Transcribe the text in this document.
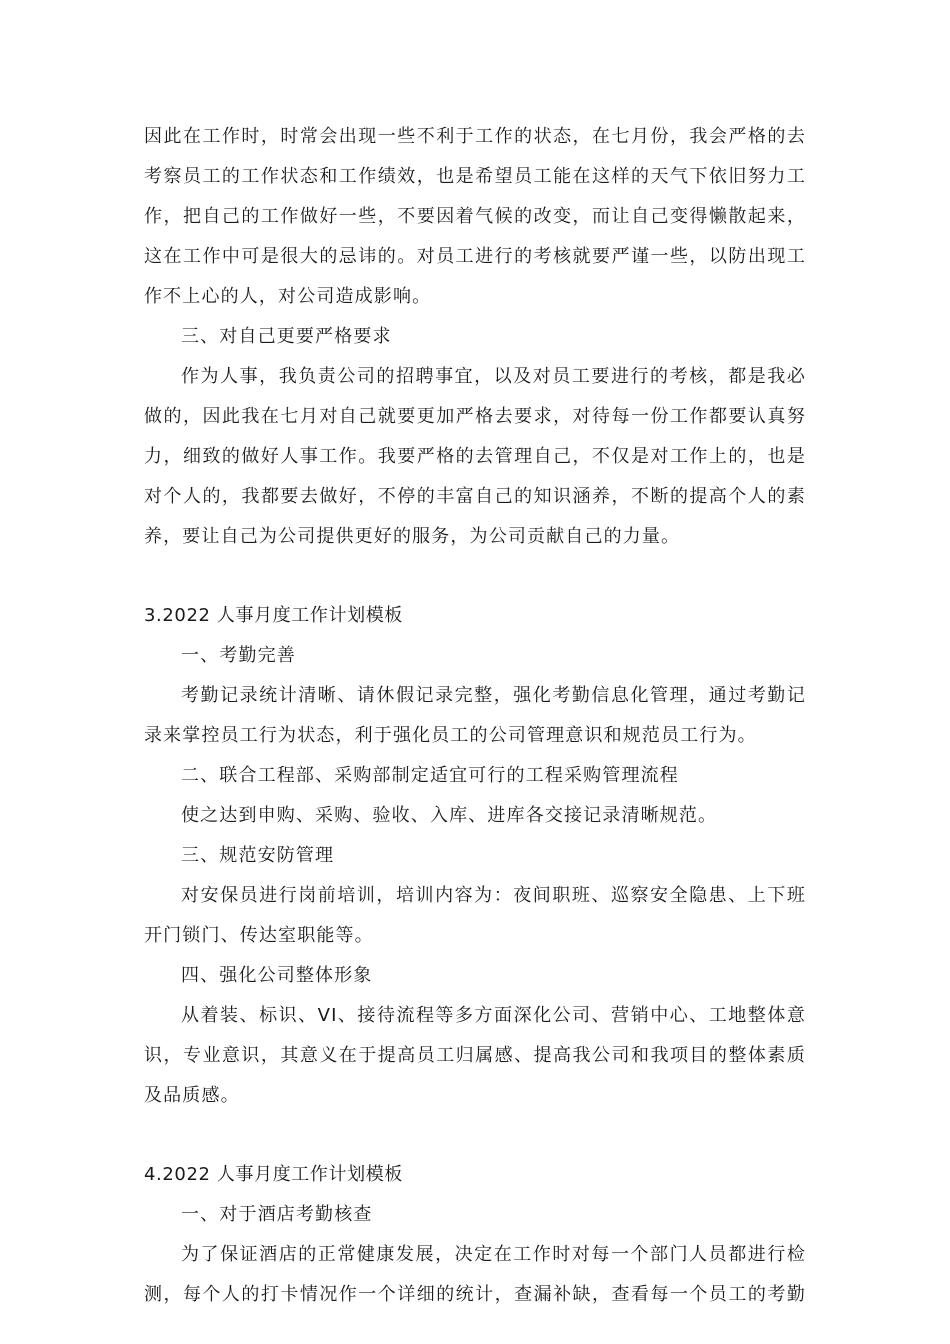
因此在工作时，时常会出现一些不利于工作的状态，在七月份，我会严格的去
考察员工的工作状态和工作绩效，也是希望员工能在这样的天气下依旧努力工
作，把自己的工作做好一些，不要因着气候的改变，而让自己变得懒散起来，
这在工作中可是很大的忌讳的。对员工进行的考核就要严谨一些，以防出现工
作不上心的人，对公司造成影响。
三、对自己更要严格要求
作为人事，我负责公司的招聘事宜，以及对员工要进行的考核，都是我必
做的，因此我在七月对自己就要更加严格去要求，对待每一份工作都要认真努
力，细致的做好人事工作。我要严格的去管理自己，不仅是对工作上的，也是
对个人的，我都要去做好，不停的丰富自己的知识涵养，不断的提高个人的素
养，要让自己为公司提供更好的服务，为公司贡献自己的力量。
3.2022 人事月度工作计划模板
一、考勤完善
考勤记录统计清晰、请休假记录完整，强化考勤信息化管理，通过考勤记
录来掌控员工行为状态，利于强化员工的公司管理意识和规范员工行为。
二、联合工程部、采购部制定适宜可行的工程采购管理流程
使之达到申购、采购、验收、入库、进库各交接记录清晰规范。
三、规范安防管理
对安保员进行岗前培训，培训内容为：夜间职班、巡察安全隐患、上下班
开门锁门、传达室职能等。
四、强化公司整体形象
从着装、标识、VI、接待流程等多方面深化公司、营销中心、工地整体意
识，专业意识，其意义在于提高员工归属感、提高我公司和我项目的整体素质
及品质感。
4.2022 人事月度工作计划模板
一、对于酒店考勤核查
为了保证酒店的正常健康发展，决定在工作时对每一个部门人员都进行检
测，每个人的打卡情况作一个详细的统计，查漏补缺，查看每一个员工的考勤
